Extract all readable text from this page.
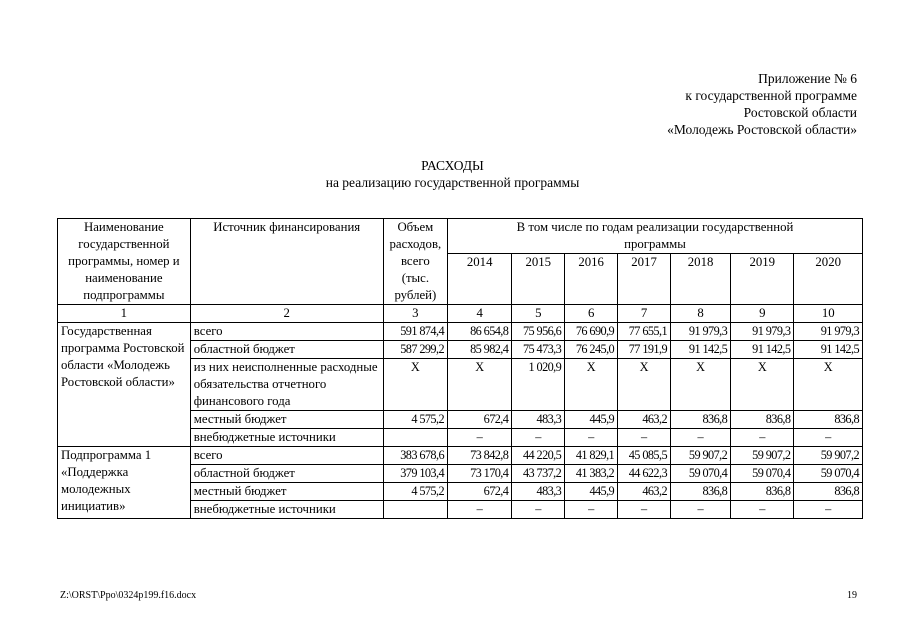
Приложение № 6
к государственной программе
Ростовской области
«Молодежь Ростовской области»
РАСХОДЫ
на реализацию государственной программы
Наименование государственной программы, номер и наименование подпрограммы	Источник финансирования	Объем расходов, всего (тыс. рублей)	В том числе по годам реализации государственной программы						
			2014	2015	2016	2017	2018	2019	2020
1	2	3	4	5	6	7	8	9	10
Государственная программа Ростовской области «Молодежь Ростовской области»	всего	591 874,4	86 654,8	75 956,6	76 690,9	77 655,1	91 979,3	91 979,3	91 979,3
	областной бюджет	587 299,2	85 982,4	75 473,3	76 245,0	77 191,9	91 142,5	91 142,5	91 142,5
	из них неисполненные расходные обязательства отчетного финансового года	Х	Х	1 020,9	Х	Х	Х	Х	Х
	местный бюджет	4 575,2	672,4	483,3	445,9	463,2	836,8	836,8	836,8
	внебюджетные источники		–	–	–	–	–	–	–
Подпрограмма 1 «Поддержка молодежных инициатив»	всего	383 678,6	73 842,8	44 220,5	41 829,1	45 085,5	59 907,2	59 907,2	59 907,2
	областной бюджет	379 103,4	73 170,4	43 737,2	41 383,2	44 622,3	59 070,4	59 070,4	59 070,4
	местный бюджет	4 575,2	672,4	483,3	445,9	463,2	836,8	836,8	836,8
	внебюджетные источники		–	–	–	–	–	–	–
Z:\ORST\Ppo\0324p199.f16.docx	19
